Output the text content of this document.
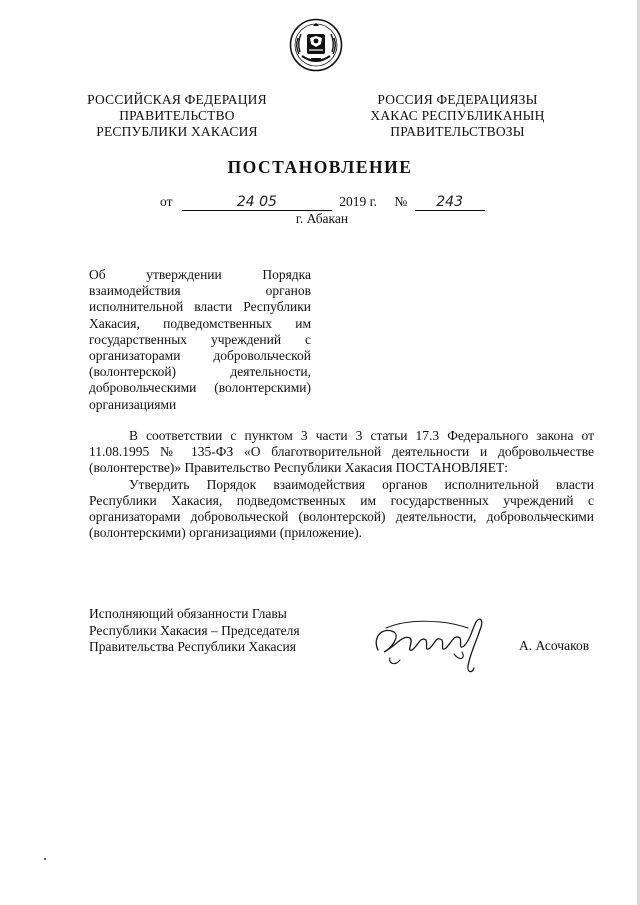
РОССИЙСКАЯ ФЕДЕРАЦИЯ
ПРАВИТЕЛЬСТВО
РЕСПУБЛИКИ ХАКАСИЯ
РОССИЯ ФЕДЕРАЦИЯЗЫ
ХАКАС РЕСПУБЛИКАНЫҢ
ПРАВИТЕЛЬСТВОЗЫ
ПОСТАНОВЛЕНИЕ
от	24 05	2019 г. № 243
г. Абакан
Об утверждении Порядка взаимодействия органов исполнительной власти Республики Хакасия, подведомственных им государственных учреждений с организаторами добровольческой (волонтерской) деятельности, добровольческими (волонтерскими) организациями

В соответствии с пунктом 3 части 3 статьи 17.3 Федерального закона от 11.08.1995 № 135-ФЗ «О благотворительной деятельности и добровольчестве (волонтерстве)» Правительство Республики Хакасия ПОСТАНОВЛЯЕТ:

Утвердить Порядок взаимодействия органов исполнительной власти Республики Хакасия, подведомственных им государственных учреждений с организаторами добровольческой (волонтерской) деятельности, добровольческими (волонтерскими) организациями (приложение).

Исполняющий обязанности Главы
Республики Хакасия – Председателя
Правительства Республики Хакасия	А. Асочаков
